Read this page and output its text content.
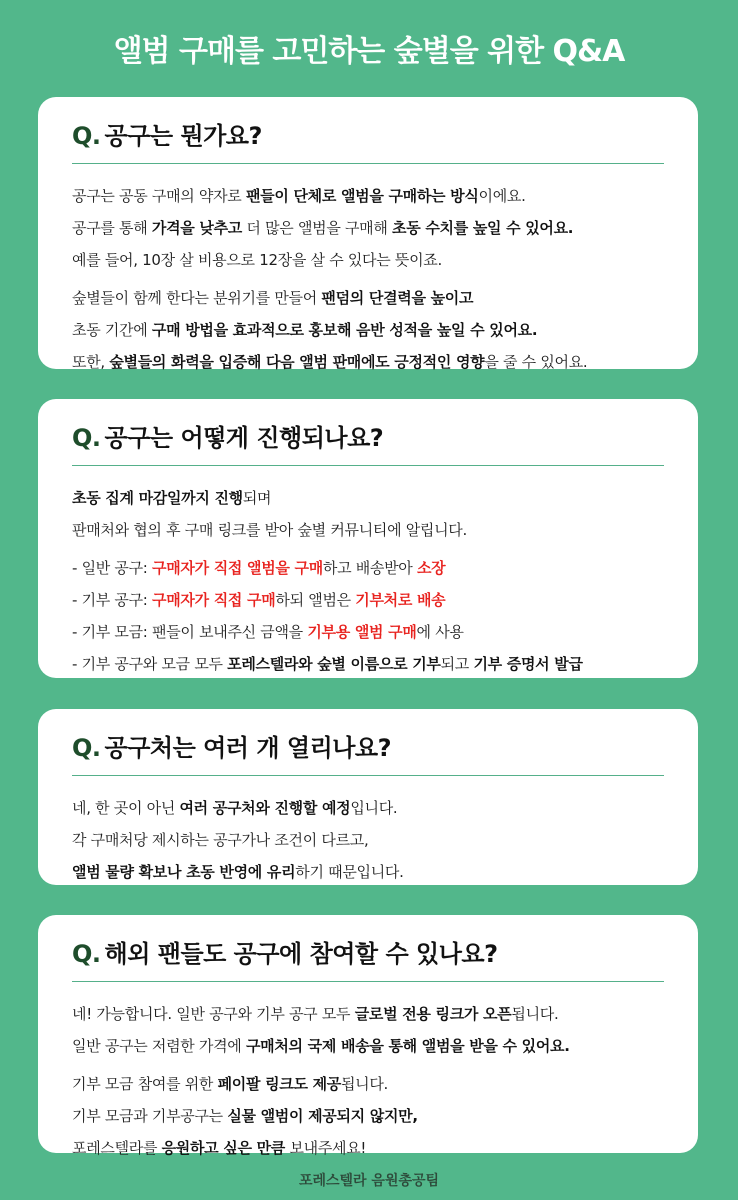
앨범 구매를 고민하는 숲별을 위한 Q&A
Q. 공구는 뭔가요?
공구는 공동 구매의 약자로 팬들이 단체로 앨범을 구매하는 방식이에요.
공구를 통해 가격을 낮추고 더 많은 앨범을 구매해 초동 수치를 높일 수 있어요.
예를 들어, 10장 살 비용으로 12장을 살 수 있다는 뜻이죠.
숲별들이 함께 한다는 분위기를 만들어 팬덤의 단결력을 높이고
초동 기간에 구매 방법을 효과적으로 홍보해 음반 성적을 높일 수 있어요.
또한, 숲별들의 화력을 입증해 다음 앨범 판매에도 긍정적인 영향을 줄 수 있어요.
Q. 공구는 어떻게 진행되나요?
초동 집계 마감일까지 진행되며
판매처와 협의 후 구매 링크를 받아 숲별 커뮤니티에 알립니다.
- 일반 공구: 구매자가 직접 앨범을 구매하고 배송받아 소장
- 기부 공구: 구매자가 직접 구매하되 앨범은 기부처로 배송
- 기부 모금: 팬들이 보내주신 금액을 기부용 앨범 구매에 사용
- 기부 공구와 모금 모두 포레스텔라와 숲별 이름으로 기부되고 기부 증명서 발급
Q. 공구처는 여러 개 열리나요?
네, 한 곳이 아닌 여러 공구처와 진행할 예정입니다.
각 구매처당 제시하는 공구가나 조건이 다르고,
앨범 물량 확보나 초동 반영에 유리하기 때문입니다.
Q. 해외 팬들도 공구에 참여할 수 있나요?
네! 가능합니다. 일반 공구와 기부 공구 모두 글로벌 전용 링크가 오픈됩니다.
일반 공구는 저렴한 가격에 구매처의 국제 배송을 통해 앨범을 받을 수 있어요.
기부 모금 참여를 위한 페이팔 링크도 제공됩니다.
기부 모금과 기부공구는 실물 앨범이 제공되지 않지만,
포레스텔라를 응원하고 싶은 만큼 보내주세요!
포레스텔라 음원총공팀
